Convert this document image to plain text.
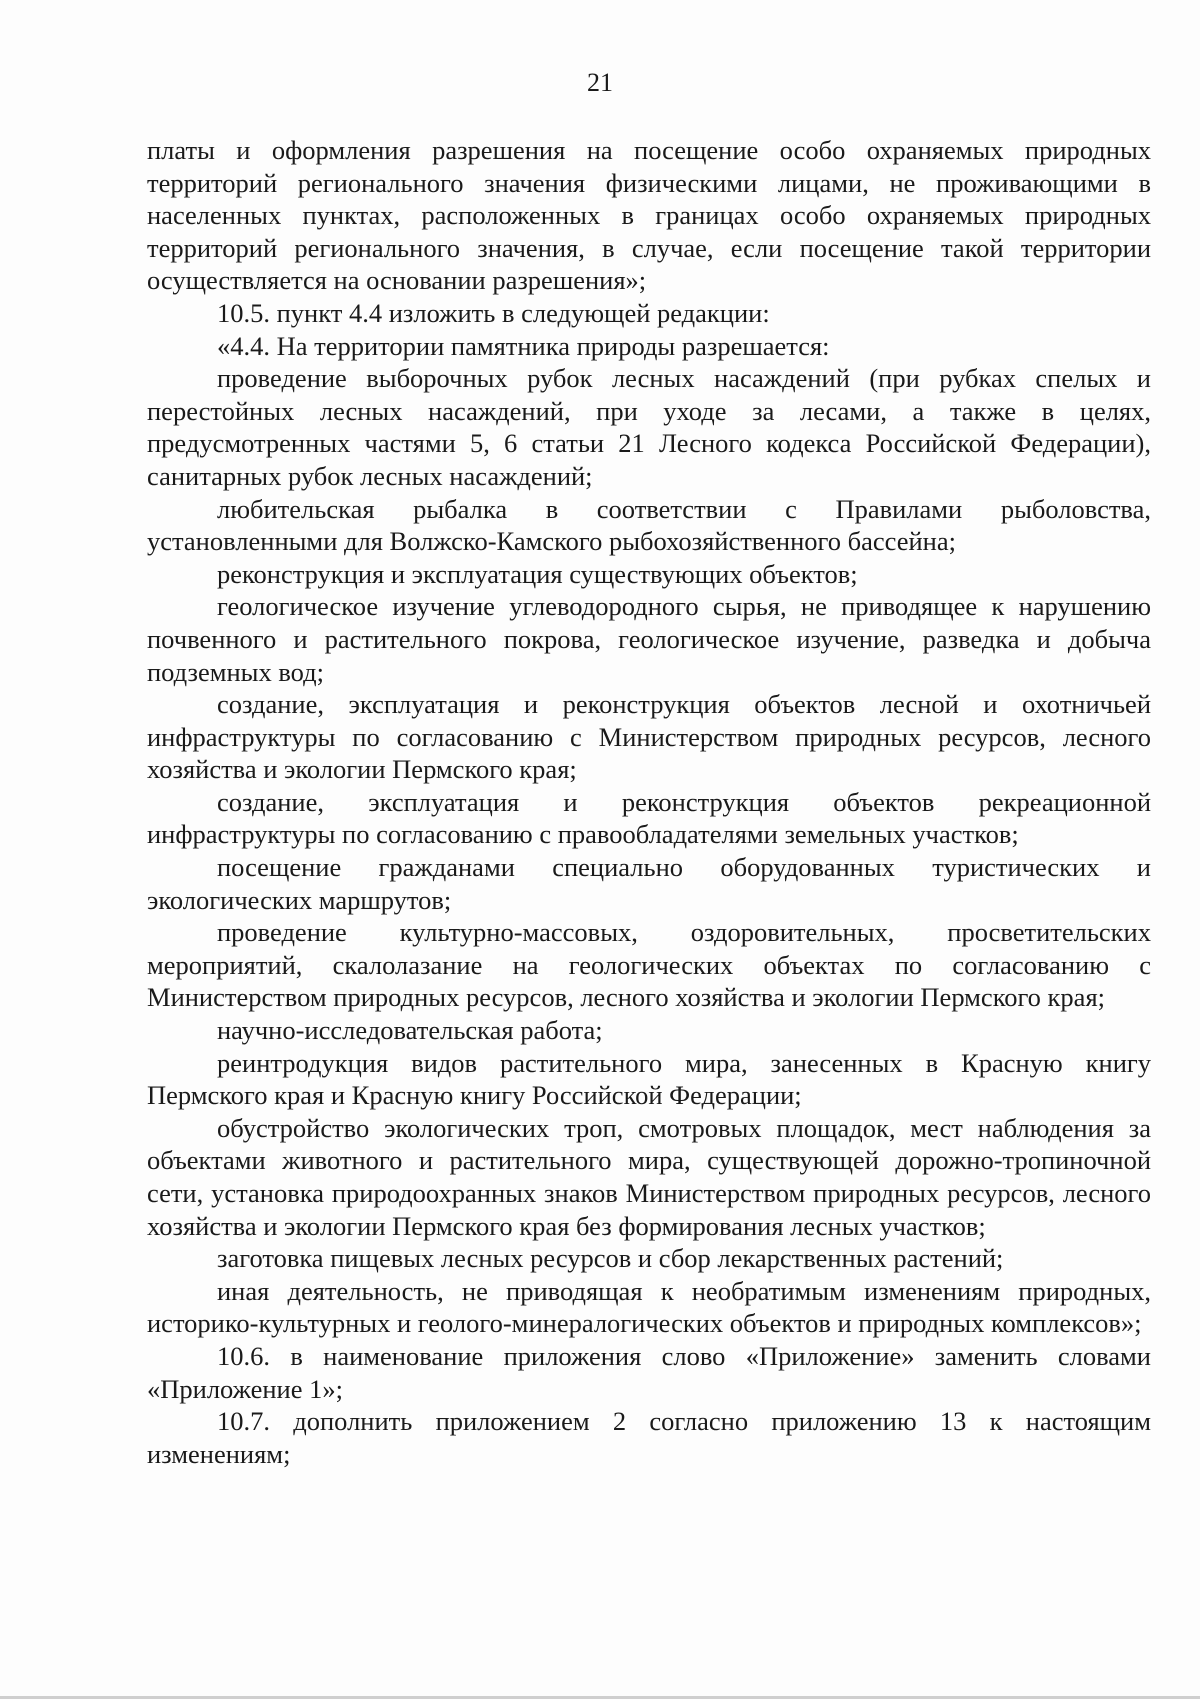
21

платы и оформления разрешения на посещение особо охраняемых природных территорий регионального значения физическими лицами, не проживающими в населенных пунктах, расположенных в границах особо охраняемых природных территорий регионального значения, в случае, если посещение такой территории осуществляется на основании разрешения»;

10.5. пункт 4.4 изложить в следующей редакции:

«4.4. На территории памятника природы разрешается:

проведение выборочных рубок лесных насаждений (при рубках спелых и перестойных лесных насаждений, при уходе за лесами, а также в целях, предусмотренных частями 5, 6 статьи 21 Лесного кодекса Российской Федерации), санитарных рубок лесных насаждений;

любительская рыбалка в соответствии с Правилами рыболовства, установленными для Волжско-Камского рыбохозяйственного бассейна;

реконструкция и эксплуатация существующих объектов;

геологическое изучение углеводородного сырья, не приводящее к нарушению почвенного и растительного покрова, геологическое изучение, разведка и добыча подземных вод;

создание, эксплуатация и реконструкция объектов лесной и охотничьей инфраструктуры по согласованию с Министерством природных ресурсов, лесного хозяйства и экологии Пермского края;

создание, эксплуатация и реконструкция объектов рекреационной инфраструктуры по согласованию с правообладателями земельных участков;

посещение гражданами специально оборудованных туристических и экологических маршрутов;

проведение культурно-массовых, оздоровительных, просветительских мероприятий, скалолазание на геологических объектах по согласованию с Министерством природных ресурсов, лесного хозяйства и экологии Пермского края;

научно-исследовательская работа;

реинтродукция видов растительного мира, занесенных в Красную книгу Пермского края и Красную книгу Российской Федерации;

обустройство экологических троп, смотровых площадок, мест наблюдения за объектами животного и растительного мира, существующей дорожно-тропиночной сети, установка природоохранных знаков Министерством природных ресурсов, лесного хозяйства и экологии Пермского края без формирования лесных участков;

заготовка пищевых лесных ресурсов и сбор лекарственных растений;

иная деятельность, не приводящая к необратимым изменениям природных, историко-культурных и геолого-минералогических объектов и природных комплексов»;

10.6. в наименование приложения слово «Приложение» заменить словами «Приложение 1»;

10.7. дополнить приложением 2 согласно приложению 13 к настоящим изменениям;
